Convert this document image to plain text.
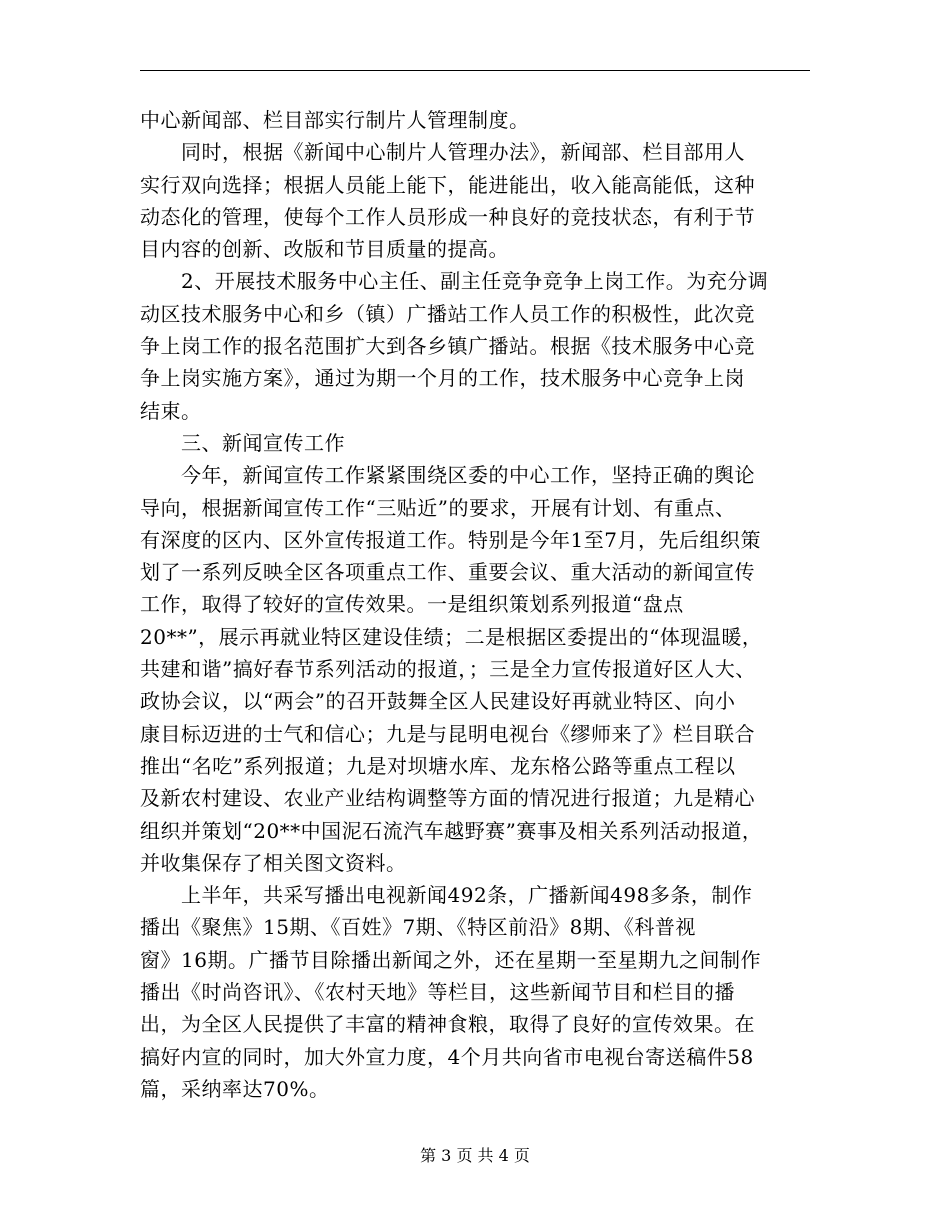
中心新闻部、栏目部实行制片人管理制度。
　　同时，根据《新闻中心制片人管理办法》，新闻部、栏目部用人
实行双向选择；根据人员能上能下，能进能出，收入能高能低，这种
动态化的管理，使每个工作人员形成一种良好的竞技状态，有利于节
目内容的创新、改版和节目质量的提高。
　　2、开展技术服务中心主任、副主任竞争竞争上岗工作。为充分调
动区技术服务中心和乡（镇）广播站工作人员工作的积极性，此次竞
争上岗工作的报名范围扩大到各乡镇广播站。根据《技术服务中心竞
争上岗实施方案》，通过为期一个月的工作，技术服务中心竞争上岗
结束。
　　三、新闻宣传工作
　　今年，新闻宣传工作紧紧围绕区委的中心工作，坚持正确的舆论
导向，根据新闻宣传工作“三贴近”的要求，开展有计划、有重点、
有深度的区内、区外宣传报道工作。特别是今年1至7月，先后组织策
划了一系列反映全区各项重点工作、重要会议、重大活动的新闻宣传
工作，取得了较好的宣传效果。一是组织策划系列报道“盘点
20**”，展示再就业特区建设佳绩；二是根据区委提出的“体现温暖，
共建和谐”搞好春节系列活动的报道，；三是全力宣传报道好区人大、
政协会议，以“两会”的召开鼓舞全区人民建设好再就业特区、向小
康目标迈进的士气和信心；九是与昆明电视台《缪师来了》栏目联合
推出“名吃”系列报道；九是对坝塘水库、龙东格公路等重点工程以
及新农村建设、农业产业结构调整等方面的情况进行报道；九是精心
组织并策划“20**中国泥石流汽车越野赛”赛事及相关系列活动报道，
并收集保存了相关图文资料。
　　上半年，共采写播出电视新闻492条，广播新闻498多条，制作
播出《聚焦》15期、《百姓》7期、《特区前沿》8期、《科普视
窗》16期。广播节目除播出新闻之外，还在星期一至星期九之间制作
播出《时尚咨讯》、《农村天地》等栏目，这些新闻节目和栏目的播
出，为全区人民提供了丰富的精神食粮，取得了良好的宣传效果。在
搞好内宣的同时，加大外宣力度，4个月共向省市电视台寄送稿件58
篇，采纳率达70%。
第 3 页 共 4 页
